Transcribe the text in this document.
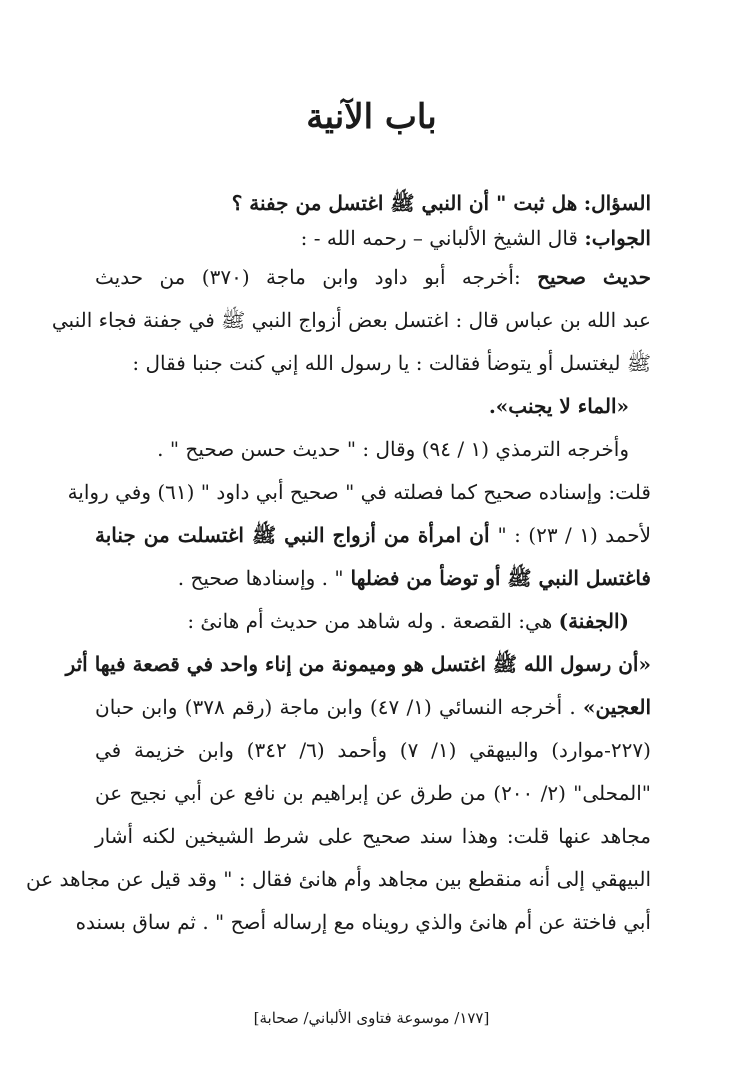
باب الآنية
السؤال: هل ثبت " أن النبي ﷺ اغتسل من جفنة ؟
الجواب: قال الشيخ الألباني – رحمه الله - :
حديث صحيح :أخرجه أبو داود وابن ماجة (٣٧٠) من حديث
عبد الله بن عباس قال : اغتسل بعض أزواج النبي ﷺ في جفنة فجاء النبي
ﷺ ليغتسل أو يتوضأ فقالت : يا رسول الله إني كنت جنبا فقال :
«الماء لا يجنب».
وأخرجه الترمذي (١ / ٩٤) وقال : " حديث حسن صحيح " .
قلت: وإسناده صحيح كما فصلته في " صحيح أبي داود " (٦١) وفي رواية
لأحمد (١ / ٢٣) : " أن امرأة من أزواج النبي ﷺ اغتسلت من جنابة
فاغتسل النبي ﷺ أو توضأ من فضلها " . وإسنادها صحيح .
(الجفنة) هي: القصعة . وله شاهد من حديث أم هانئ :
«أن رسول الله ﷺ اغتسل هو وميمونة من إناء واحد في قصعة فيها أثر
العجين» . أخرجه النسائي (١/ ٤٧) وابن ماجة (رقم ٣٧٨) وابن حبان
(٢٢٧-موارد) والبيهقي (١/ ٧) وأحمد (٦/ ٣٤٢) وابن خزيمة في
"المحلى" (٢/ ٢٠٠) من طرق عن إبراهيم بن نافع عن أبي نجيح عن
مجاهد عنها قلت: وهذا سند صحيح على شرط الشيخين لكنه أشار
البيهقي إلى أنه منقطع بين مجاهد وأم هانئ فقال : " وقد قيل عن مجاهد عن
أبي فاختة عن أم هانئ والذي رويناه مع إرساله أصح " . ثم ساق بسنده
[١٧٧/ موسوعة فتاوى الألباني/ صحابة]
